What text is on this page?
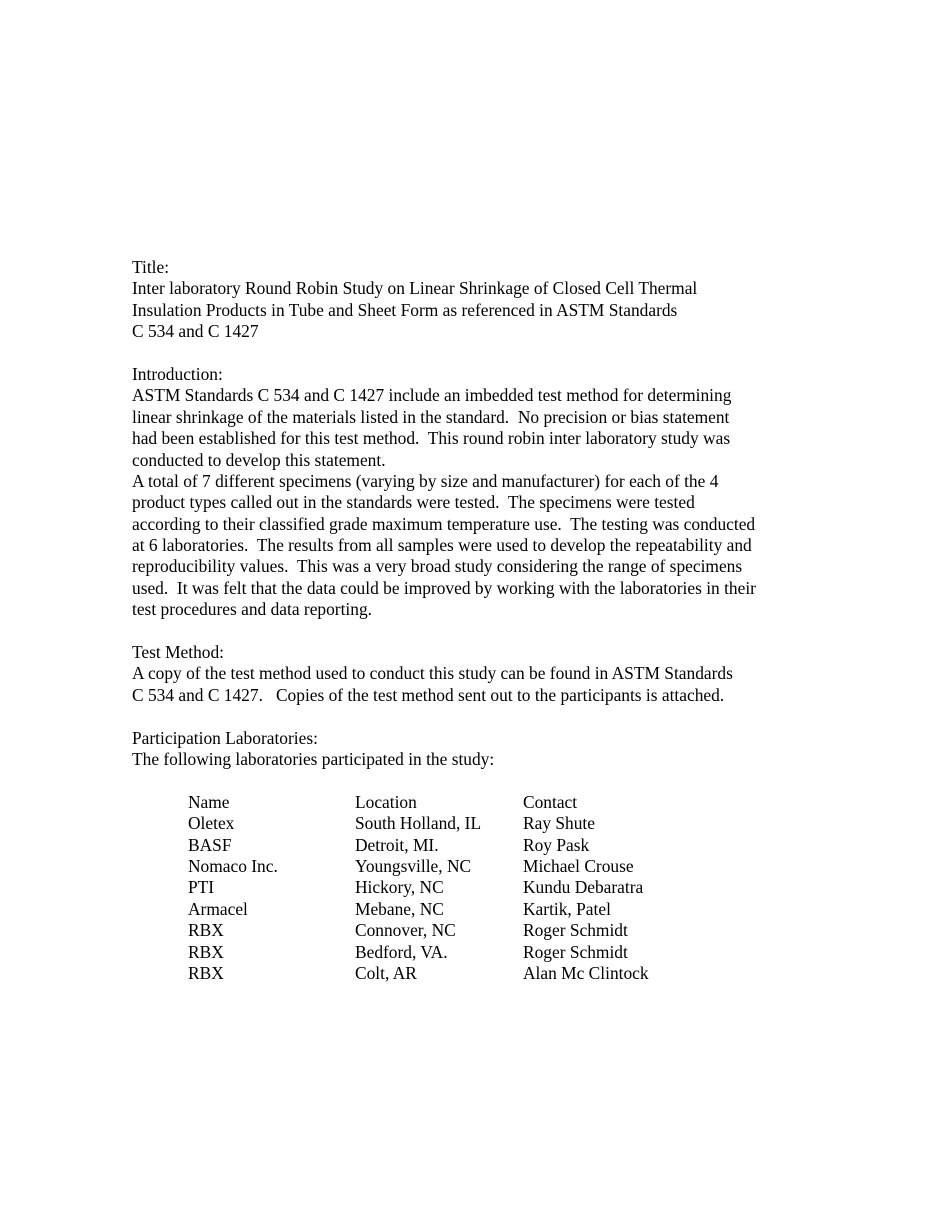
Title:
Inter laboratory Round Robin Study on Linear Shrinkage of Closed Cell Thermal
Insulation Products in Tube and Sheet Form as referenced in ASTM Standards
C 534 and C 1427
Introduction:
ASTM Standards C 534 and C 1427 include an imbedded test method for determining
linear shrinkage of the materials listed in the standard.  No precision or bias statement
had been established for this test method.  This round robin inter laboratory study was
conducted to develop this statement.
A total of 7 different specimens (varying by size and manufacturer) for each of the 4
product types called out in the standards were tested.  The specimens were tested
according to their classified grade maximum temperature use.  The testing was conducted
at 6 laboratories.  The results from all samples were used to develop the repeatability and
reproducibility values.  This was a very broad study considering the range of specimens
used.  It was felt that the data could be improved by working with the laboratories in their
test procedures and data reporting.
Test Method:
A copy of the test method used to conduct this study can be found in ASTM Standards
C 534 and C 1427.   Copies of the test method sent out to the participants is attached.
Participation Laboratories:
The following laboratories participated in the study:
Name	Location	Contact
Oletex	South Holland, IL	Ray Shute
BASF	Detroit, MI.	Roy Pask
Nomaco Inc.	Youngsville, NC	Michael Crouse
PTI	Hickory, NC	Kundu Debaratra
Armacel	Mebane, NC	Kartik, Patel
RBX	Connover, NC	Roger Schmidt
RBX	Bedford, VA.	Roger Schmidt
RBX	Colt, AR	Alan Mc Clintock
